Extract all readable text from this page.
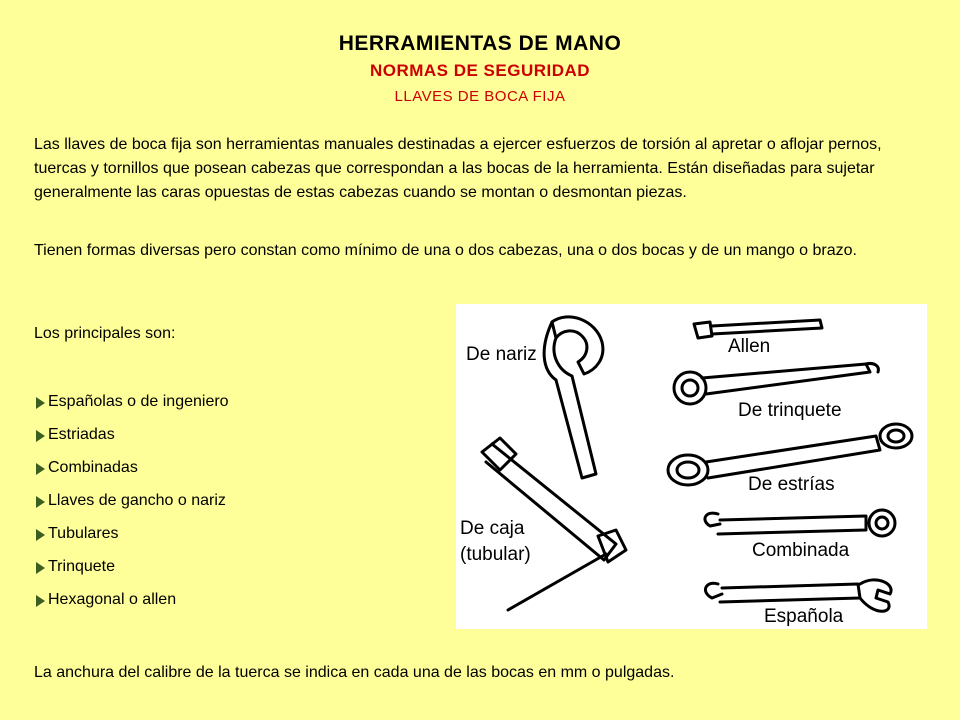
HERRAMIENTAS DE MANO
NORMAS DE SEGURIDAD
LLAVES DE BOCA FIJA
Las llaves de boca fija son herramientas manuales destinadas a ejercer esfuerzos de torsión al apretar o aflojar pernos, tuercas y tornillos que posean cabezas que correspondan a las bocas de la herramienta. Están diseñadas para sujetar generalmente las caras opuestas de estas cabezas cuando se montan o desmontan piezas.
Tienen formas diversas pero constan como mínimo de una o dos cabezas, una o dos bocas y de un mango o brazo.
Los principales son:
Españolas o de ingeniero
Estriadas
Combinadas
Llaves de gancho o nariz
Tubulares
Trinquete
Hexagonal o allen
De nariz	Allen
De trinquete
De estrías
De caja
(tubular)	Combinada
Española
La anchura del calibre de la tuerca se indica en cada una de las bocas en mm o pulgadas.
